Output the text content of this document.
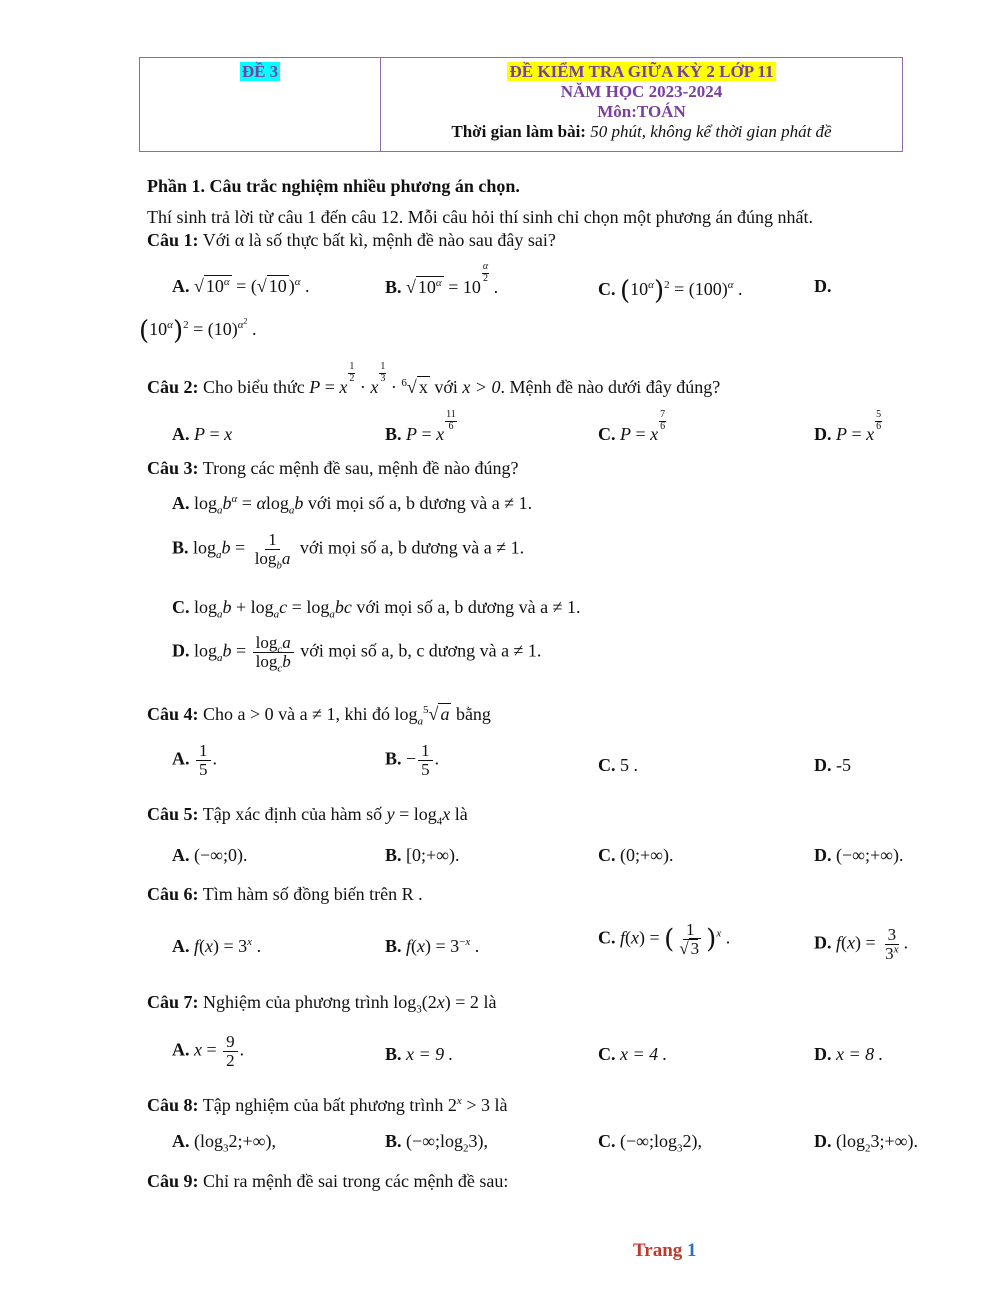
ĐỀ 3	ĐỀ KIỂM TRA GIỮA KỲ 2 LỚP 11
NĂM HỌC 2023-2024
Môn:TOÁN
Thời gian làm bài: 50 phút, không kể thời gian phát đề
Phần 1. Câu trắc nghiệm nhiều phương án chọn.
Thí sinh trả lời từ câu 1 đến câu 12. Mỗi câu hỏi thí sinh chỉ chọn một phương án đúng nhất.
Câu 1: Với α là số thực bất kì, mệnh đề nào sau đây sai?
A. √ $10^\alpha$ = (√ 10 )$^\alpha$ .	B. √ $10^\alpha = 10$
$\frac{\alpha}{2}$
.	C. $(10^\alpha)^2 = (100)^\alpha$ .	D.
$(10^\alpha)^2 = (10)^{\alpha^2}$ .
Câu 2: Cho biểu thức P = x
$\frac{1}{2}$
· x
$\frac{1}{3}$
· $^6$√ x với x > 0. Mệnh đề nào dưới đây đúng?
A. P = x	B. P = x
$\frac{11}{6}$
C. P = x
$\frac{7}{6}$
D. P = x
$\frac{5}{6}$
Câu 3: Trong các mệnh đề sau, mệnh đề nào đúng?
A. $\log_ab^\alpha = \alpha\log_ab$ với mọi số a, b dương và a ≠ 1.
B. $\log_ab = \frac{1}{\log_ba}$ với mọi số a, b dương và a ≠ 1.
C. $\log_ab + \log_ac = \log_abc$ với mọi số a, b dương và a ≠ 1.
D. $\log_ab = \frac{\log_ca}{\log_cb}$ với mọi số a, b, c dương và a ≠ 1.
Câu 4: Cho a > 0 và a ≠ 1, khi đó $\log_a^5√$ a bằng
A. $\frac{1}{5}$ .	B. − $\frac{1}{5}$ .	C. 5 .	D. -5
Câu 5: Tập xác định của hàm số $y = \log_4x$ là
A. (−∞;0).	B. [0;+∞).	C. (0;+∞).	D. (−∞;+∞).
Câu 6: Tìm hàm số đồng biến trên R .
A. $f(x) = 3^x$ .	B. $f(x) = 3^{-x}$ .	C. f(x) = ( $\frac{1}{√ 3} )^x$ .	D. $f(x) = \frac{3}{3^x}$ .
Câu 7: Nghiệm của phương trình $\log_3(2x) = 2$ là
A. $x = \frac{9}{2}$ .	B. x = 9 .	C. x = 4 .	D. x = 8 .
Câu 8: Tập nghiệm của bất phương trình $2^x > 3$ là
A. $(\log_32;+\infty)$,	B. $(-\infty;\log_23)$,	C. $(-\infty;\log_32)$,	D. $(\log_23;+\infty)$.
Câu 9: Chỉ ra mệnh đề sai trong các mệnh đề sau:
Trang 1
